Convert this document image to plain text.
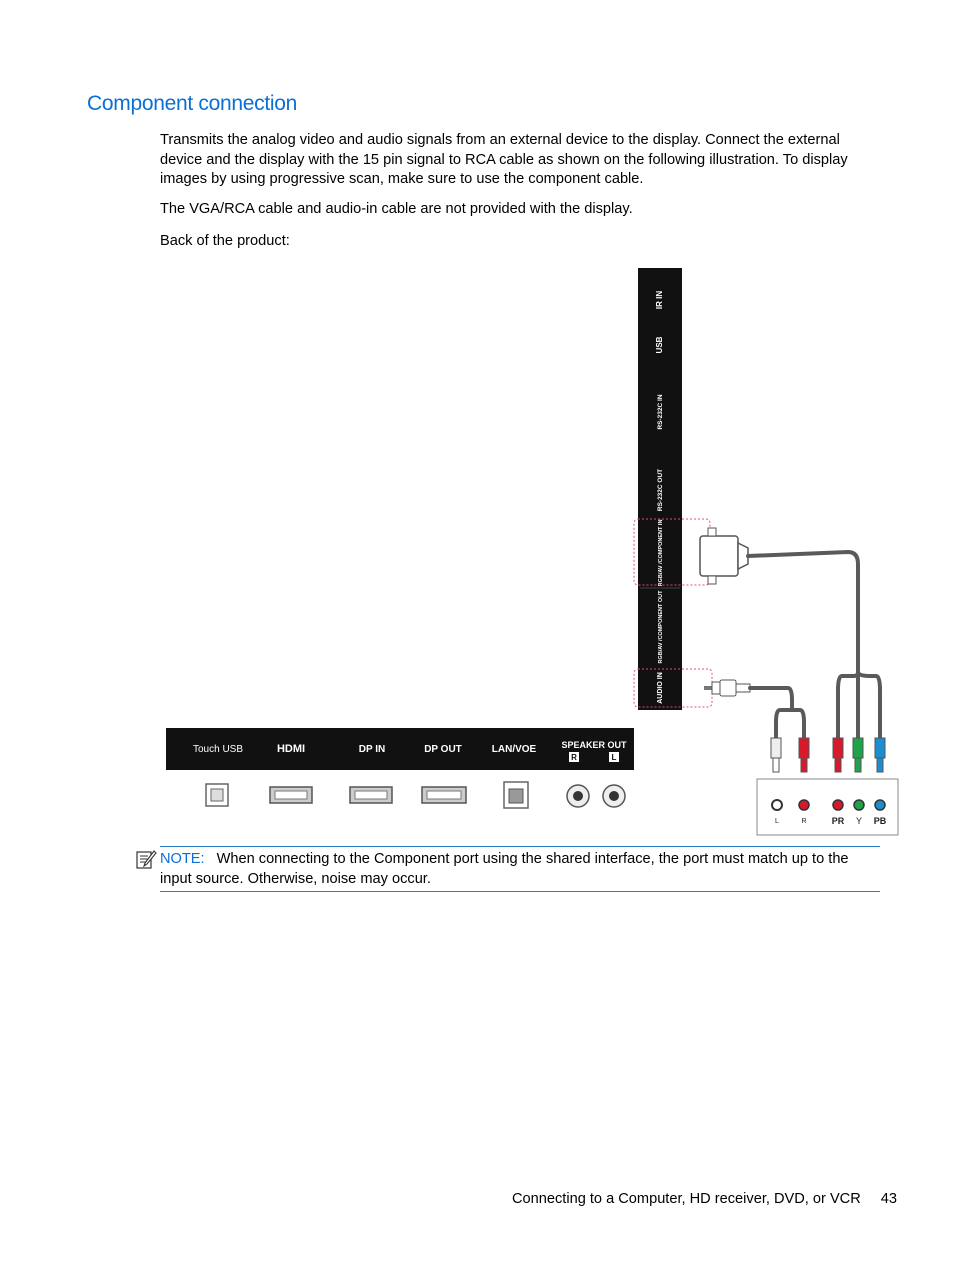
Component connection

Transmits the analog video and audio signals from an external device to the display. Connect the external device and the display with the 15 pin signal to RCA cable as shown on the following illustration. To display images by using progressive scan, make sure to use the component cable.

The VGA/RCA cable and audio-in cable are not provided with the display.

Back of the product:

IR IN
USB
RS-232C IN
RS-232C OUT
RGB/AV /COMPONENT IN
RGB/AV /COMPONENT OUT
AUDIO IN
L	R	PR Y PB
Touch USB	HDMI	DP IN	DP OUT	LAN/VOE	SPEAKER OUT
R	L
NOTE: When connecting to the Component port using the shared interface, the port must match up to the input source. Otherwise, noise may occur.
Connecting to a Computer, HD receiver, DVD, or VCR 43
